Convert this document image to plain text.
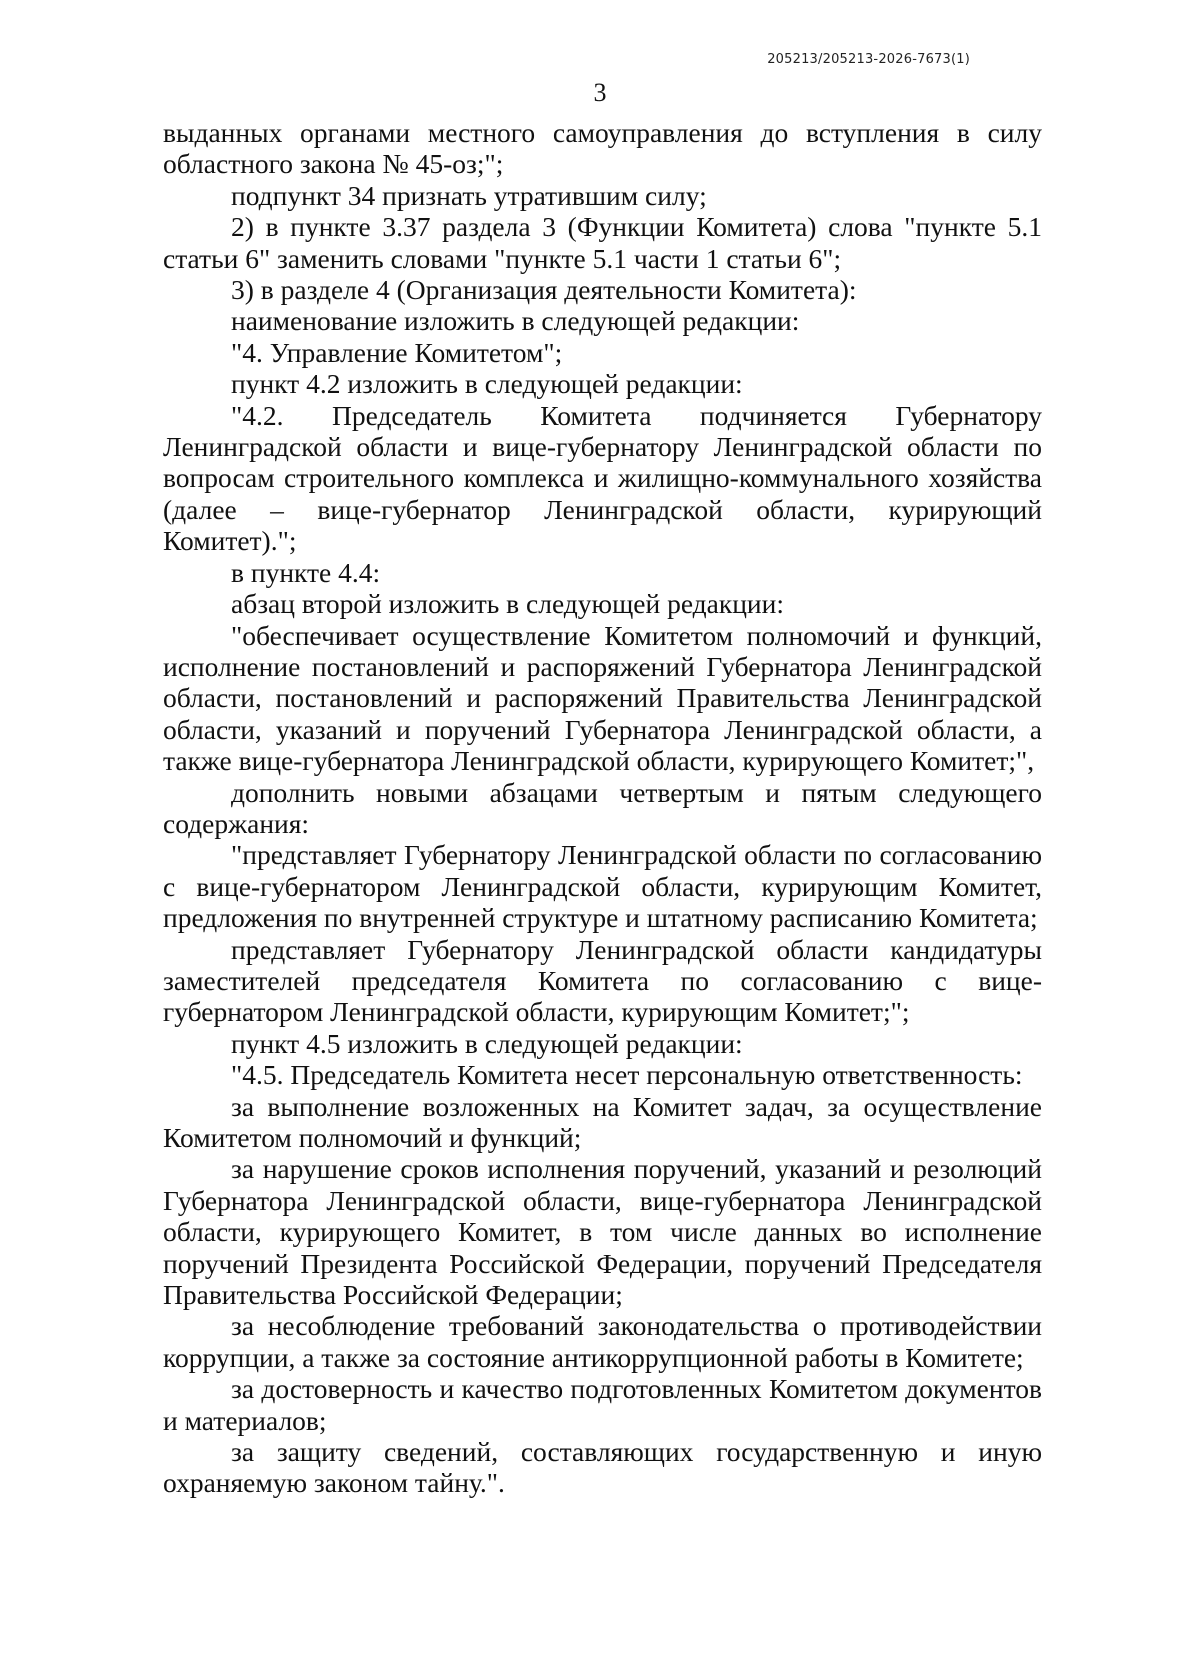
205213/205213-2026-7673(1)
3

выданных органами местного самоуправления до вступления в силу областного закона № 45-оз;";

подпункт 34 признать утратившим силу;

2) в пункте 3.37 раздела 3 (Функции Комитета) слова "пункте 5.1 статьи 6" заменить словами "пункте 5.1 части 1 статьи 6";

3) в разделе 4 (Организация деятельности Комитета):

наименование изложить в следующей редакции:

"4. Управление Комитетом";

пункт 4.2 изложить в следующей редакции:

"4.2. Председатель Комитета подчиняется Губернатору Ленинградской области и вице-губернатору Ленинградской области по вопросам строительного комплекса и жилищно-коммунального хозяйства (далее – вице-губернатор Ленинградской области, курирующий Комитет).";

в пункте 4.4:

абзац второй изложить в следующей редакции:

"обеспечивает осуществление Комитетом полномочий и функций, исполнение постановлений и распоряжений Губернатора Ленинградской области, постановлений и распоряжений Правительства Ленинградской области, указаний и поручений Губернатора Ленинградской области, а также вице-губернатора Ленинградской области, курирующего Комитет;",

дополнить новыми абзацами четвертым и пятым следующего содержания:

"представляет Губернатору Ленинградской области по согласованию с вице-губернатором Ленинградской области, курирующим Комитет, предложения по внутренней структуре и штатному расписанию Комитета;

представляет Губернатору Ленинградской области кандидатуры заместителей председателя Комитета по согласованию с вице-губернатором Ленинградской области, курирующим Комитет;";

пункт 4.5 изложить в следующей редакции:

"4.5. Председатель Комитета несет персональную ответственность:

за выполнение возложенных на Комитет задач, за осуществление Комитетом полномочий и функций;

за нарушение сроков исполнения поручений, указаний и резолюций Губернатора Ленинградской области, вице-губернатора Ленинградской области, курирующего Комитет, в том числе данных во исполнение поручений Президента Российской Федерации, поручений Председателя Правительства Российской Федерации;

за несоблюдение требований законодательства о противодействии коррупции, а также за состояние антикоррупционной работы в Комитете;

за достоверность и качество подготовленных Комитетом документов и материалов;

за защиту сведений, составляющих государственную и иную охраняемую законом тайну.".
